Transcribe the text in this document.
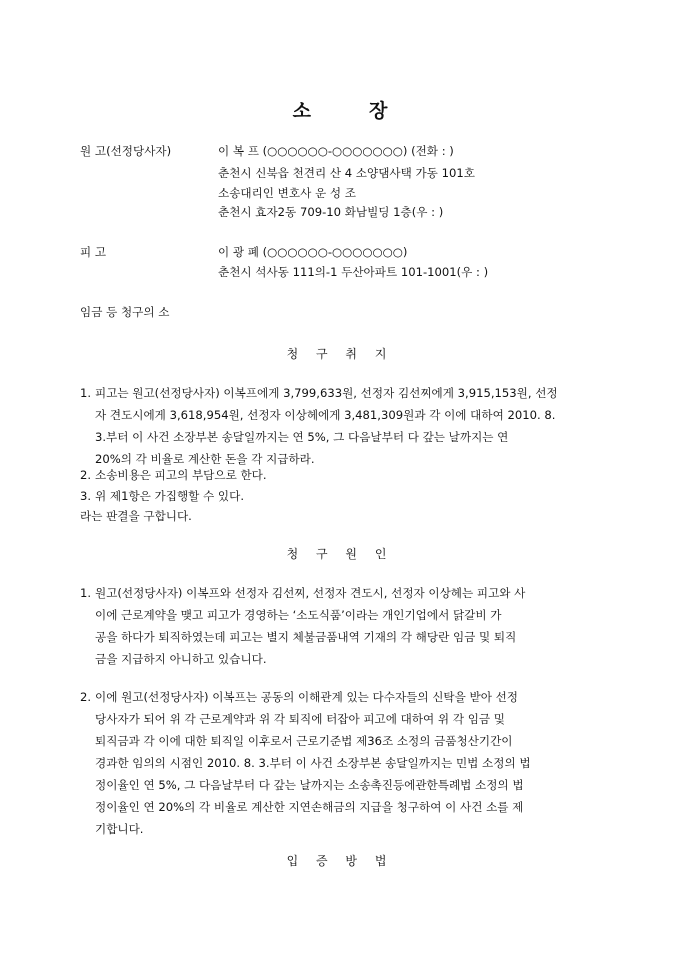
소	장
원 고(선정당사자)	이 복 프 (○○○○○○-○○○○○○○) (전화 : )
춘천시 신북읍 천견리 산 4 소양댐사택 가동 101호
소송대리인 변호사 운 성 조
춘천시 효자2동 709-10 화남빌딩 1층(우 : )
피 고	이 광 폐 (○○○○○○-○○○○○○○)
춘천시 석사동 111의-1 두산아파트 101-1001(우 : )
임금 등 청구의 소
청 구 취 지
1. 피고는 원고(선정당사자) 이복프에게 3,799,633원, 선정자 김선찌에게 3,915,153원, 선정
자 견도시에게 3,618,954원, 선정자 이상헤에게 3,481,309원과 각 이에 대하여 2010. 8.
3.부터 이 사건 소장부본 송달일까지는 연 5%, 그 다음날부터 다 갚는 날까지는 연
20%의 각 비율로 계산한 돈을 각 지급하라.
2. 소송비용은 피고의 부담으로 한다.
3. 위 제1항은 가집행할 수 있다.
라는 판결을 구합니다.
청 구 원 인
1. 원고(선정당사자) 이복프와 선정자 김선찌, 선정자 견도시, 선정자 이상헤는 피고와 사
이에 근로계약을 맺고 피고가 경영하는 ‘소도식품’이라는 개인기업에서 닭갈비 가
공을 하다가 퇴직하였는데 피고는 별지 체불금품내역 기재의 각 해당란 임금 및 퇴직
금을 지급하지 아니하고 있습니다.
2. 이에 원고(선정당사자) 이복프는 공동의 이해관계 있는 다수자들의 신탁을 받아 선정
당사자가 되어 위 각 근로계약과 위 각 퇴직에 터잡아 피고에 대하여 위 각 임금 및
퇴직금과 각 이에 대한 퇴직일 이후로서 근로기준법 제36조 소정의 금품청산기간이
경과한 임의의 시점인 2010. 8. 3.부터 이 사건 소장부본 송달일까지는 민법 소정의 법
정이율인 연 5%, 그 다음날부터 다 갚는 날까지는 소송촉진등에관한특례법 소정의 법
정이율인 연 20%의 각 비율로 계산한 지연손해금의 지급을 청구하여 이 사건 소를 제
기합니다.
입 증 방 법
